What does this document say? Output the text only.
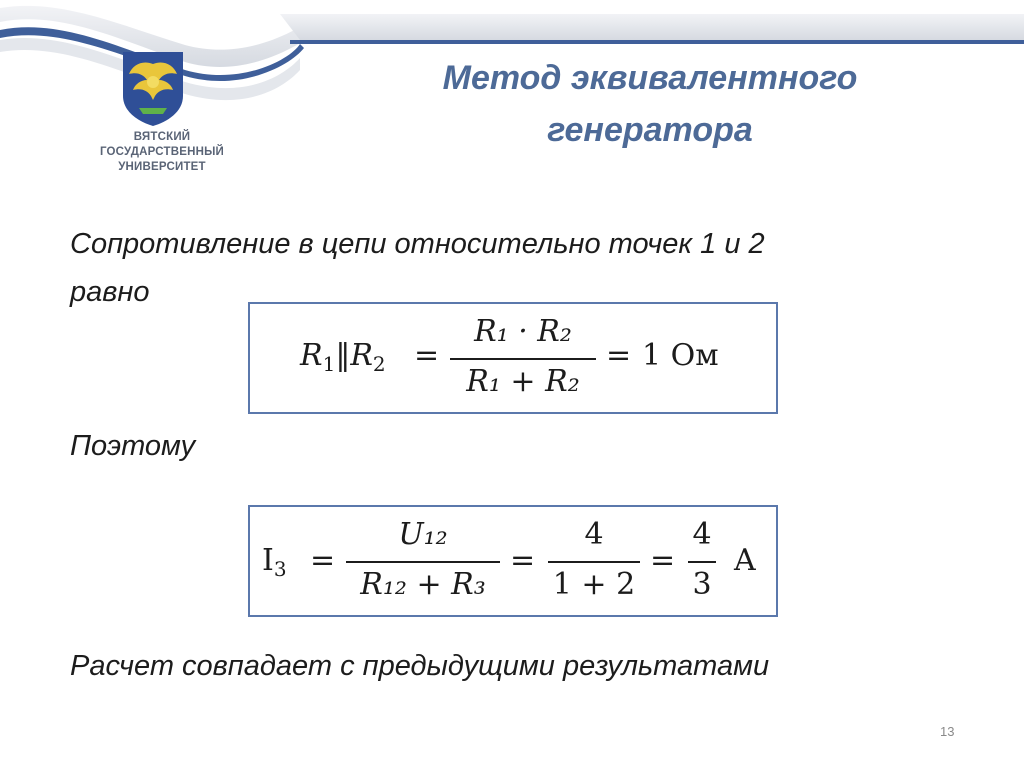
ВЯТСКИЙ
ГОСУДАРСТВЕННЫЙ
УНИВЕРСИТЕТ
Метод эквивалентного
генератора
Сопротивление в цепи относительно точек 1 и 2
равно
$R_1‖R_2$ =
R₁ · R₂
R₁ + R₂
= 1 Ом
Поэтому
$I_3$ =
U₁₂
R₁₂ + R₃
=
4
1 + 2
=
4
3
A
Расчет совпадает с предыдущими результатами
13
